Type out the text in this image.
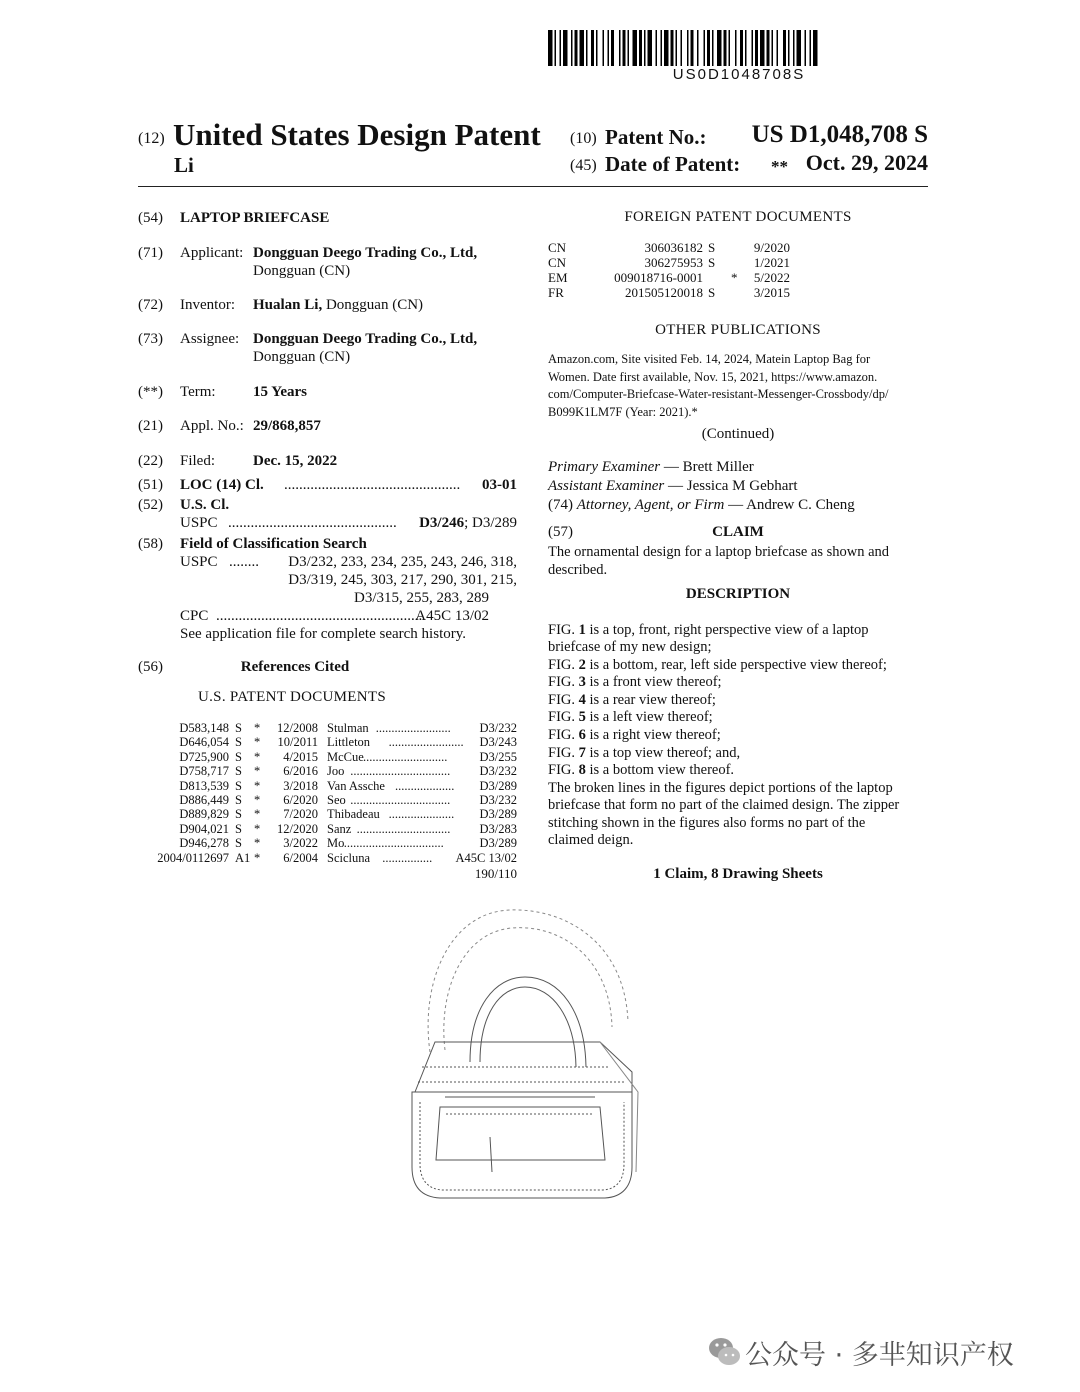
US0D1048708S
(12) United States Design Patent (10) Patent No.: US D1,048,708 S
Li	(45) Date of Patent: ** Oct. 29, 2024
(54) LAPTOP BRIEFCASE
(71) Applicant: Dongguan Deego Trading Co., Ltd,
Dongguan (CN)
(72) Inventor: Hualan Li, Dongguan (CN)
(73) Assignee: Dongguan Deego Trading Co., Ltd,
Dongguan (CN)
(**) Term: 15 Years
(21) Appl. No.: 29/868,857
(22) Filed:	Dec. 15, 2022
(51) LOC (14) Cl. ...............................................	03-01
(52) U.S. Cl.
USPC .............................................	D3/246; D3/289
(58) Field of Classification Search
USPC ........ D3/232, 233, 234, 235, 243, 246, 318,
D3/319, 245, 303, 217, 290, 301, 215,
D3/315, 255, 283, 289
CPC .......................................................
A45C 13/02
See application file for complete search history.
(56)	References Cited
U.S. PATENT DOCUMENTS
190/110
FOREIGN PATENT DOCUMENTS
OTHER PUBLICATIONS
(Continued)
Primary Examiner — Brett Miller
Assistant Examiner — Jessica M Gebhart
(74) Attorney, Agent, or Firm — Andrew C. Cheng
(57)	CLAIM
The ornamental design for a laptop briefcase as shown and
described.
DESCRIPTION
1 Claim, 8 Drawing Sheets
公众号 · 多芈知识产权
D583,148 S * 12/2008 Stulman ........................ D3/232
D646,054 S * 10/2011 Littleton ........................ D3/243
D725,900 S * 4/2015 McCue ...........................	D3/255
D758,717 S * 6/2016 Joo ................................ D3/232
D813,539 S * 3/2018 Van Assche ................... D3/289
D886,449 S * 6/2020 Seo ................................ D3/232
D889,829 S * 7/2020 Thibadeau ..................... D3/289
D904,021 S * 12/2020 Sanz .............................. D3/283
D946,278 S * 3/2022 Mo ................................	D3/289
2004/0112697 A1 * 6/2004 Scicluna ................ A45C 13/02
CN	306036182 S	9/2020
CN	306275953 S	1/2021
EM	009018716-0001 * 5/2022
FR	201505120018 S	3/2015
Amazon.com, Site visited Feb. 14, 2024, Matein Laptop Bag for
Women. Date first available, Nov. 15, 2021, https://www.amazon.
com/Computer-Briefcase-Water-resistant-Messenger-Crossbody/dp/
B099K1LM7F (Year: 2021).*
FIG. 1 is a top, front, right perspective view of a laptop
briefcase of my new design;
FIG. 2 is a bottom, rear, left side perspective view thereof;
FIG. 3 is a front view thereof;
FIG. 4 is a rear view thereof;
FIG. 5 is a left view thereof;
FIG. 6 is a right view thereof;
FIG. 7 is a top view thereof; and,
FIG. 8 is a bottom view thereof.
The broken lines in the figures depict portions of the laptop
briefcase that form no part of the claimed design. The zipper
stitching shown in the figures also forms no part of the
claimed deign.
